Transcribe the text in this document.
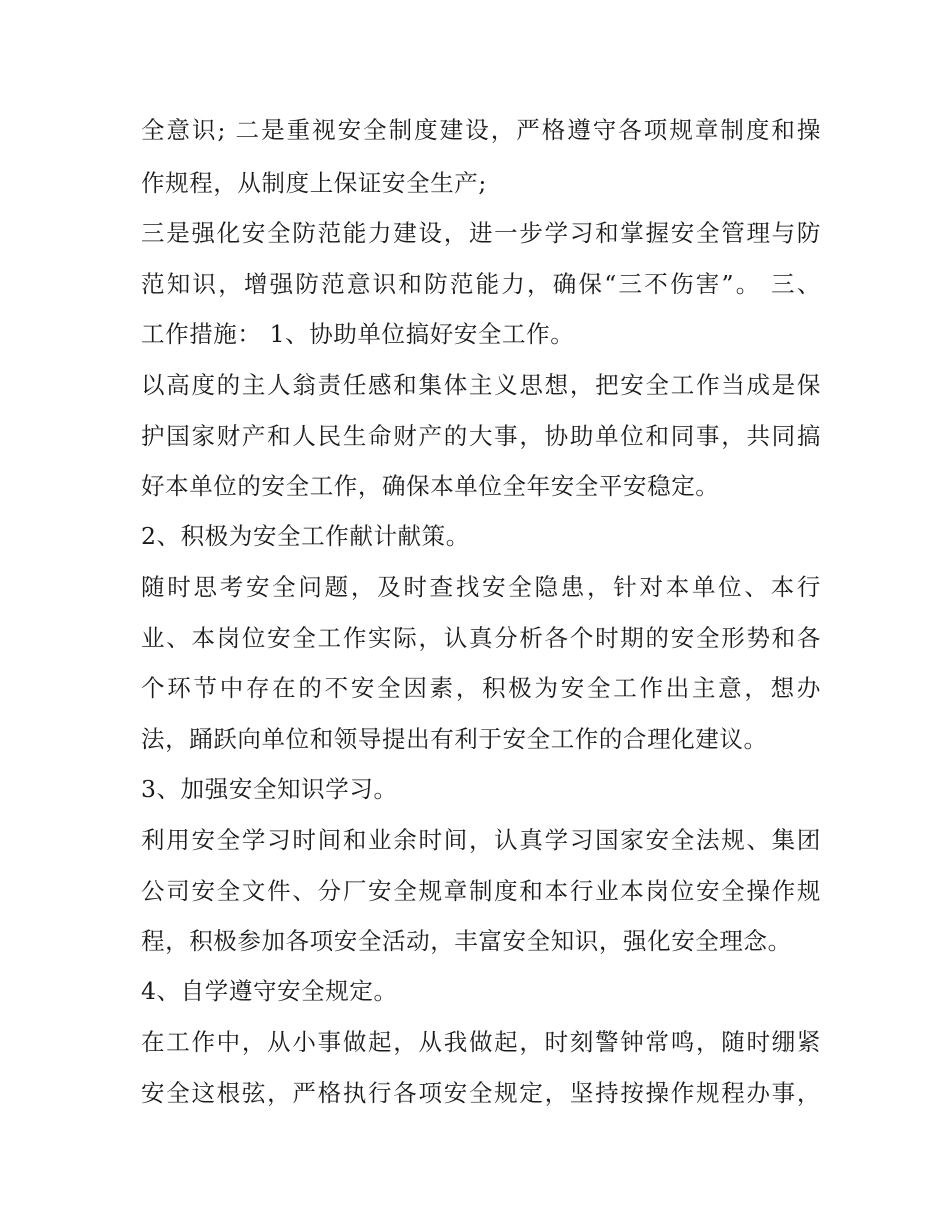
全意识; 二是重视安全制度建设，严格遵守各项规章制度和操
作规程，从制度上保证安全生产;
三是强化安全防范能力建设，进一步学习和掌握安全管理与防
范知识，增强防范意识和防范能力，确保“三不伤害”。 三、
工作措施： 1、协助单位搞好安全工作。
以高度的主人翁责任感和集体主义思想，把安全工作当成是保
护国家财产和人民生命财产的大事，协助单位和同事，共同搞
好本单位的安全工作，确保本单位全年安全平安稳定。
2、积极为安全工作献计献策。
随时思考安全问题，及时查找安全隐患，针对本单位、本行
业、本岗位安全工作实际，认真分析各个时期的安全形势和各
个环节中存在的不安全因素，积极为安全工作出主意，想办
法，踊跃向单位和领导提出有利于安全工作的合理化建议。
3、加强安全知识学习。
利用安全学习时间和业余时间，认真学习国家安全法规、集团
公司安全文件、分厂安全规章制度和本行业本岗位安全操作规
程，积极参加各项安全活动，丰富安全知识，强化安全理念。
4、自学遵守安全规定。
在工作中，从小事做起，从我做起，时刻警钟常鸣，随时绷紧
安全这根弦，严格执行各项安全规定，坚持按操作规程办事，
